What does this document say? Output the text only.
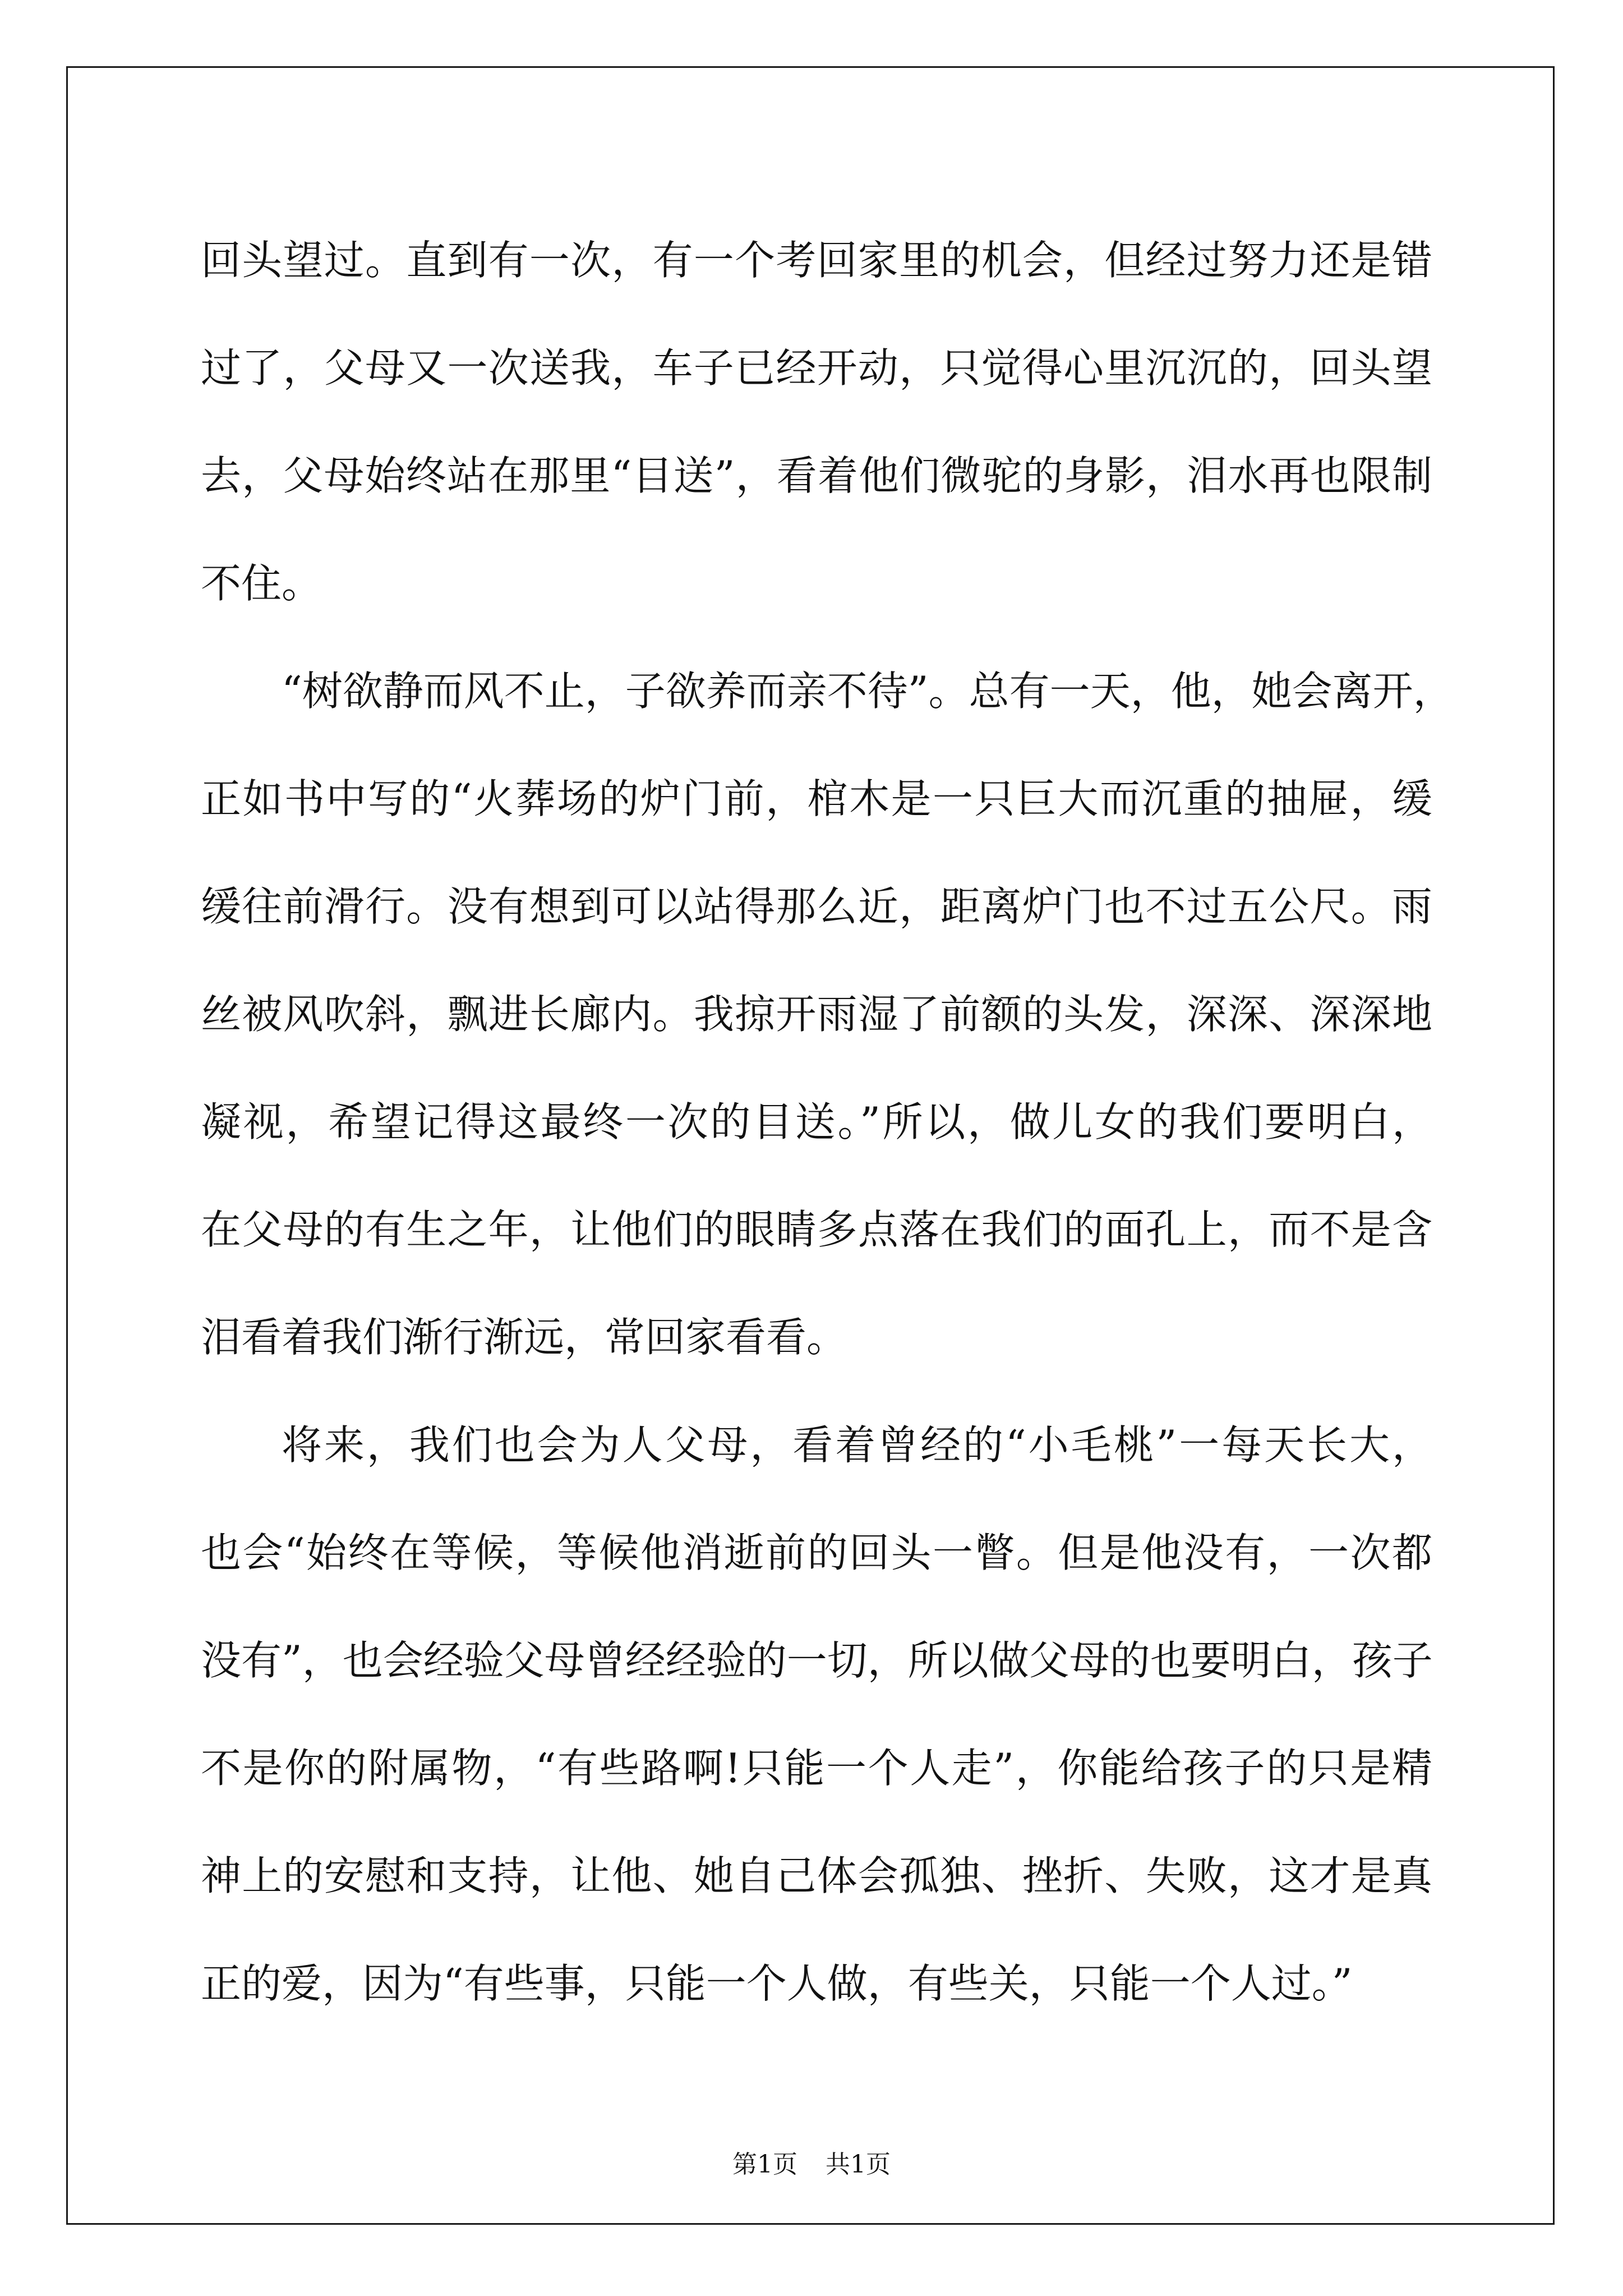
回头望过。直到有一次，有一个考回家里的机会，但经过努力还是错
过了，父母又一次送我，车子已经开动，只觉得心里沉沉的，回头望
去，父母始终站在那里“目送”，看着他们微驼的身影，泪水再也限制
不住。
“树欲静而风不止，子欲养而亲不待”。总有一天，他，她会离开，
正如书中写的“火葬场的炉门前，棺木是一只巨大而沉重的抽屉，缓
缓往前滑行。没有想到可以站得那么近，距离炉门也不过五公尺。雨
丝被风吹斜，飘进长廊内。我掠开雨湿了前额的头发，深深、深深地
凝视，希望记得这最终一次的目送。”所以，做儿女的我们要明白，
在父母的有生之年，让他们的眼睛多点落在我们的面孔上，而不是含
泪看着我们渐行渐远，常回家看看。
将来，我们也会为人父母，看着曾经的“小毛桃”一每天长大，
也会“始终在等候，等候他消逝前的回头一瞥。但是他没有，一次都
没有”，也会经验父母曾经经验的一切，所以做父母的也要明白，孩子
不是你的附属物，“有些路啊!只能一个人走”，你能给孩子的只是精
神上的安慰和支持，让他、她自己体会孤独、挫折、失败，这才是真
正的爱，因为“有些事，只能一个人做，有些关，只能一个人过。”
第1页 共1页
